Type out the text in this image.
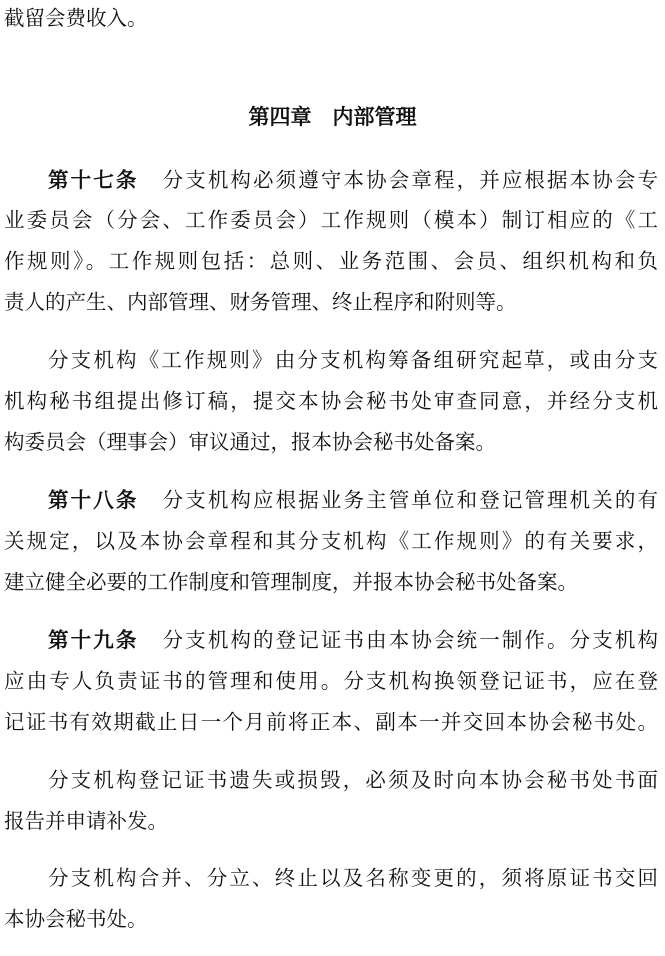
截留会费收入。
第四章　内部管理
第十七条 分支机构必须遵守本协会章程，并应根据本协会专
业委员会（分会、工作委员会）工作规则（模本）制订相应的《工
作规则》。工作规则包括：总则、业务范围、会员、组织机构和负
责人的产生、内部管理、财务管理、终止程序和附则等。
分支机构《工作规则》由分支机构筹备组研究起草，或由分支
机构秘书组提出修订稿，提交本协会秘书处审查同意，并经分支机
构委员会（理事会）审议通过，报本协会秘书处备案。
第十八条 分支机构应根据业务主管单位和登记管理机关的有
关规定，以及本协会章程和其分支机构《工作规则》的有关要求，
建立健全必要的工作制度和管理制度，并报本协会秘书处备案。
第十九条 分支机构的登记证书由本协会统一制作。分支机构
应由专人负责证书的管理和使用。分支机构换领登记证书，应在登
记证书有效期截止日一个月前将正本、副本一并交回本协会秘书处。
分支机构登记证书遗失或损毁，必须及时向本协会秘书处书面
报告并申请补发。
分支机构合并、分立、终止以及名称变更的，须将原证书交回
本协会秘书处。
